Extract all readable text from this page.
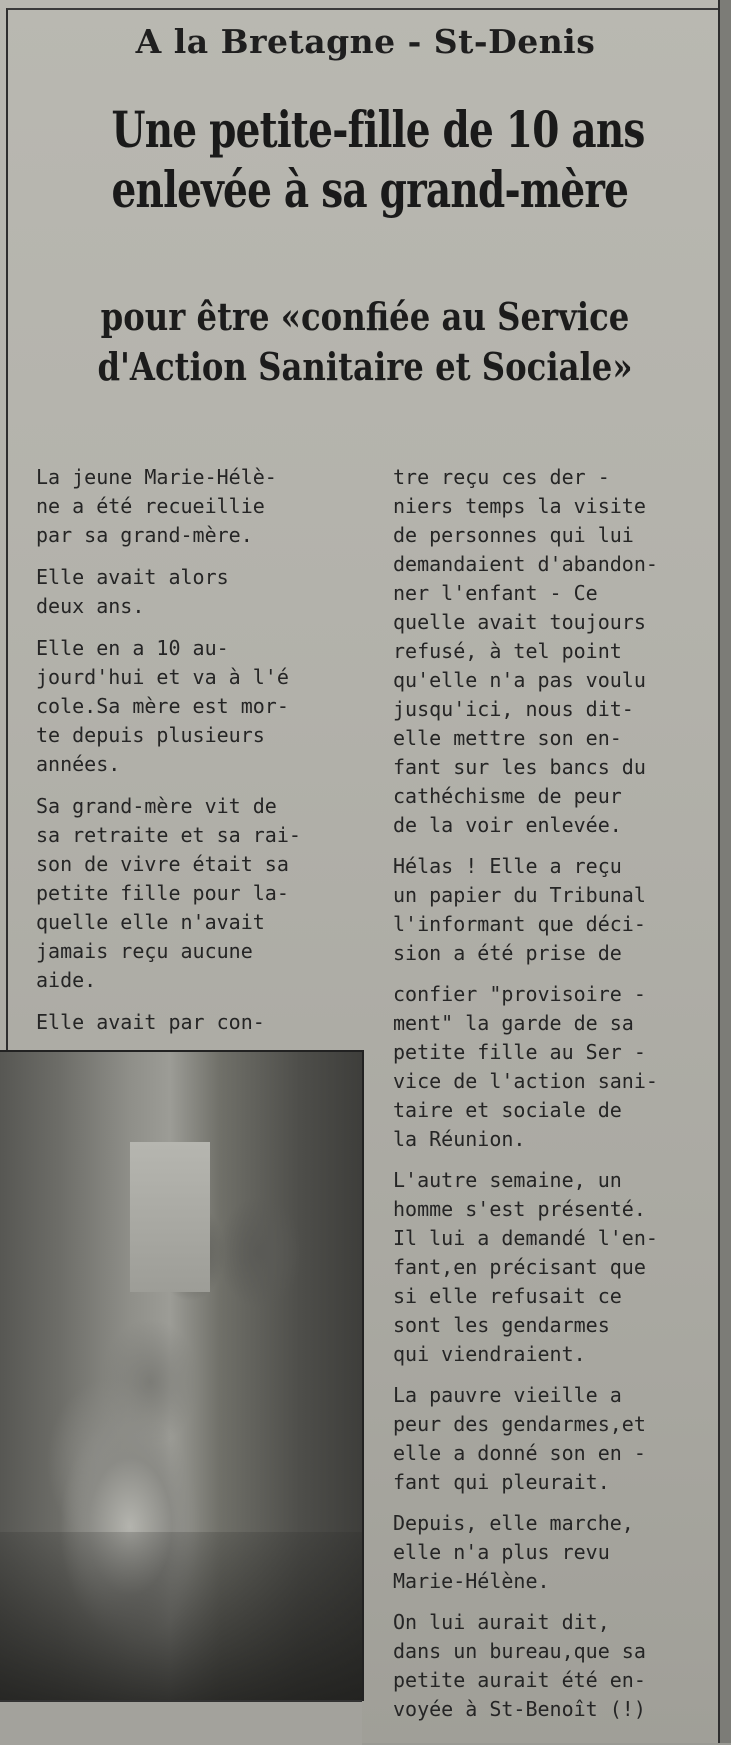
A la Bretagne - St-Denis
Une petite-fille de 10 ans
enlevée à sa grand-mère
pour être «confiée au Service
d'Action Sanitaire et Sociale»

La jeune Marie-Hélè-
ne a été recueillie
par sa grand-mère.

Elle avait alors
deux ans.

Elle en a 10 au-
jourd'hui et va à l'é
cole.Sa mère est mor-
te depuis plusieurs
années.

Sa grand-mère vit de
sa retraite et sa rai-
son de vivre était sa
petite fille pour la-
quelle elle n'avait
jamais reçu aucune
aide.

Elle avait par con-

tre reçu ces der -
niers temps la visite
de personnes qui lui
demandaient d'abandon-
ner l'enfant - Ce
quelle avait toujours
refusé, à tel point
qu'elle n'a pas voulu
jusqu'ici, nous dit-
elle mettre son en-
fant sur les bancs du
cathéchisme de peur
de la voir enlevée.

Hélas ! Elle a reçu
un papier du Tribunal
l'informant que déci-
sion a été prise de

confier "provisoire -
ment" la garde de sa
petite fille au Ser -
vice de l'action sani-
taire et sociale de
la Réunion.

L'autre semaine, un
homme s'est présenté.
Il lui a demandé l'en-
fant,en précisant que
si elle refusait ce
sont les gendarmes
qui viendraient.

La pauvre vieille a
peur des gendarmes,et
elle a donné son en -
fant qui pleurait.

Depuis, elle marche,
elle n'a plus revu
Marie-Hélène.

On lui aurait dit,
dans un bureau,que sa
petite aurait été en-
voyée à St-Benoît (!)
